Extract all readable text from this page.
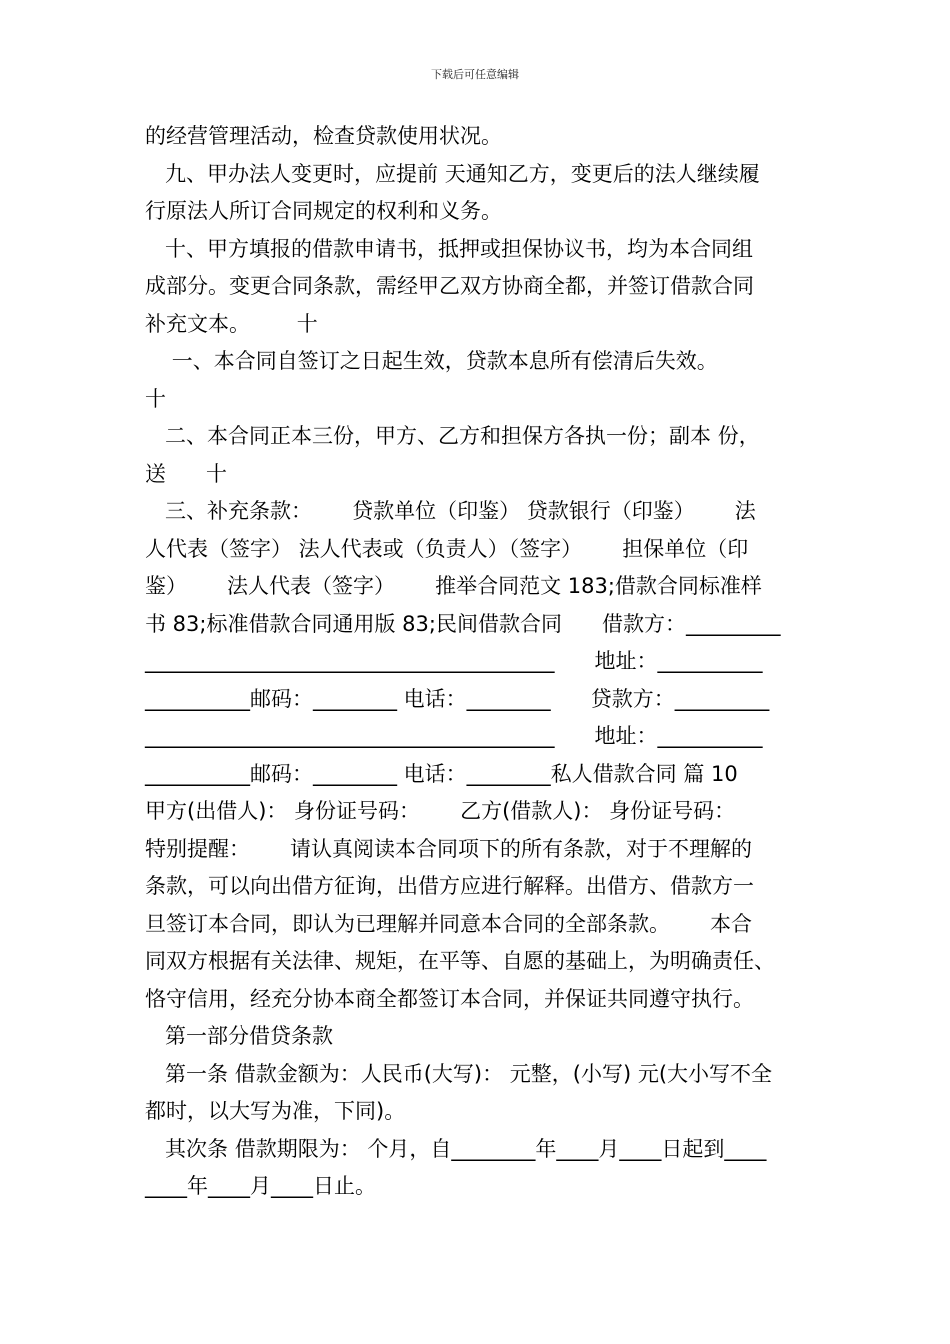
下载后可任意编辑
的经营管理活动，检查贷款使用状况。
九、甲办法人变更时，应提前 天通知乙方，变更后的法人继续履
行原法人所订合同规定的权利和义务。
十、甲方填报的借款申请书，抵押或担保协议书，均为本合同组
成部分。变更合同条款，需经甲乙双方协商全都，并签订借款合同
补充文本。       十
一、本合同自签订之日起生效，贷款本息所有偿清后失效。
十
二、本合同正本三份，甲方、乙方和担保方各执一份；副本 份，
送      十
三、补充条款：      贷款单位（印鉴） 贷款银行（印鉴）      法
人代表（签字） 法人代表或（负责人）（签字）      担保单位（印
鉴）      法人代表（签字）      推举合同范文 183;借款合同标准样
书 83;标准借款合同通用版 83;民间借款合同      借款方：_________
_______________________________________      地址：__________
__________邮码：________ 电话：________      贷款方：_________
_______________________________________      地址：__________
__________邮码：________ 电话：________私人借款合同 篇 10
甲方(出借人)： 身份证号码：      乙方(借款人)： 身份证号码：
特别提醒：      请认真阅读本合同项下的所有条款，对于不理解的
条款，可以向出借方征询，出借方应进行解释。出借方、借款方一
旦签订本合同，即认为已理解并同意本合同的全部条款。      本合
同双方根据有关法律、规矩，在平等、自愿的基础上，为明确责任、
恪守信用，经充分协本商全都签订本合同，并保证共同遵守执行。
第一部分借贷条款
第一条 借款金额为：人民币(大写)： 元整，(小写) 元(大小写不全
都时，以大写为准，下同)。
其次条 借款期限为： 个月，自________年____月____日起到____
____年____月____日止。
